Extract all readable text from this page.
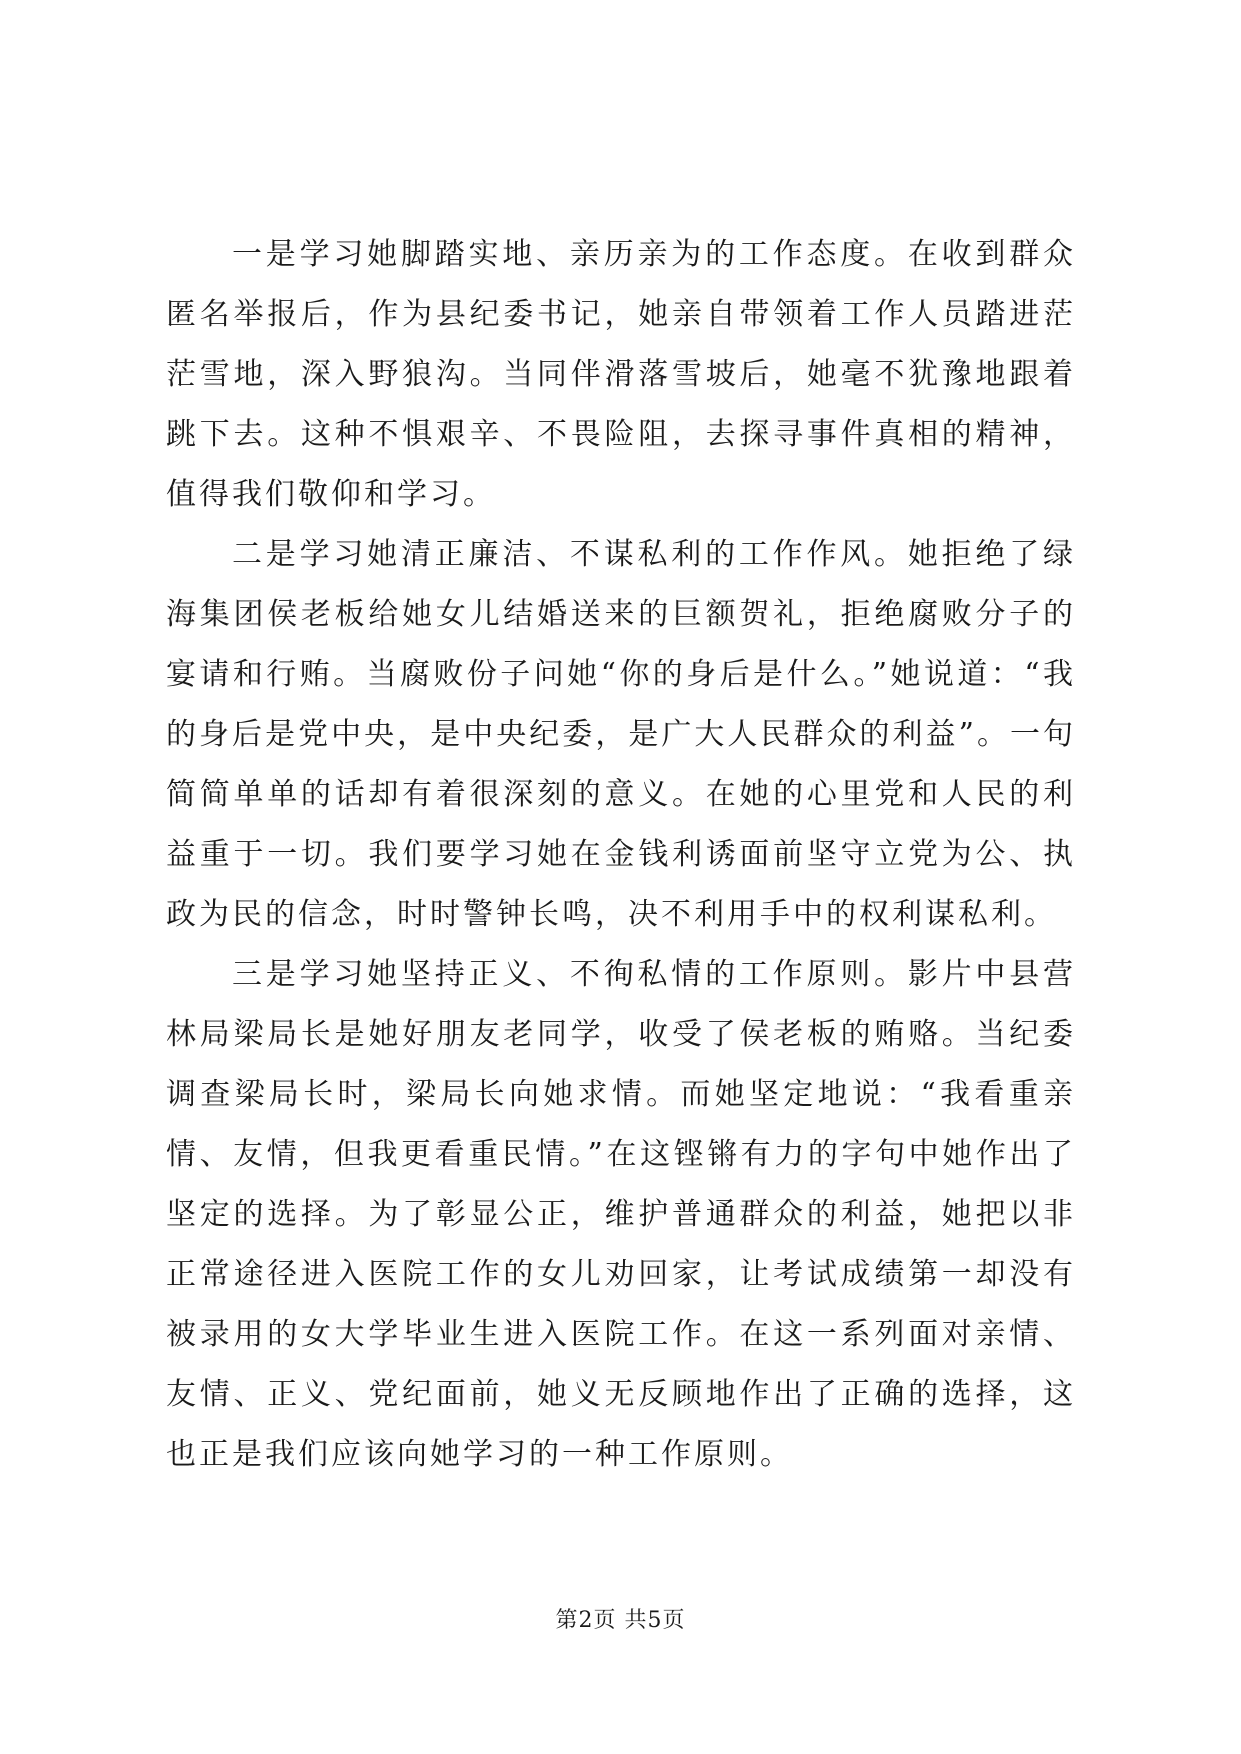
一是学习她脚踏实地、亲历亲为的工作态度。在收到群众匿名举报后，作为县纪委书记，她亲自带领着工作人员踏进茫茫雪地，深入野狼沟。当同伴滑落雪坡后，她毫不犹豫地跟着跳下去。这种不惧艰辛、不畏险阻，去探寻事件真相的精神，值得我们敬仰和学习。

二是学习她清正廉洁、不谋私利的工作作风。她拒绝了绿海集团侯老板给她女儿结婚送来的巨额贺礼，拒绝腐败分子的宴请和行贿。当腐败份子问她“你的身后是什么。”她说道：“我的身后是党中央，是中央纪委，是广大人民群众的利益”。一句简简单单的话却有着很深刻的意义。在她的心里党和人民的利益重于一切。我们要学习她在金钱利诱面前坚守立党为公、执政为民的信念，时时警钟长鸣，决不利用手中的权利谋私利。

三是学习她坚持正义、不徇私情的工作原则。影片中县营林局梁局长是她好朋友老同学，收受了侯老板的贿赂。当纪委调查梁局长时，梁局长向她求情。而她坚定地说：“我看重亲情、友情，但我更看重民情。”在这铿锵有力的字句中她作出了坚定的选择。为了彰显公正，维护普通群众的利益，她把以非正常途径进入医院工作的女儿劝回家，让考试成绩第一却没有被录用的女大学毕业生进入医院工作。在这一系列面对亲情、友情、正义、党纪面前，她义无反顾地作出了正确的选择，这也正是我们应该向她学习的一种工作原则。

第2页 共5页
